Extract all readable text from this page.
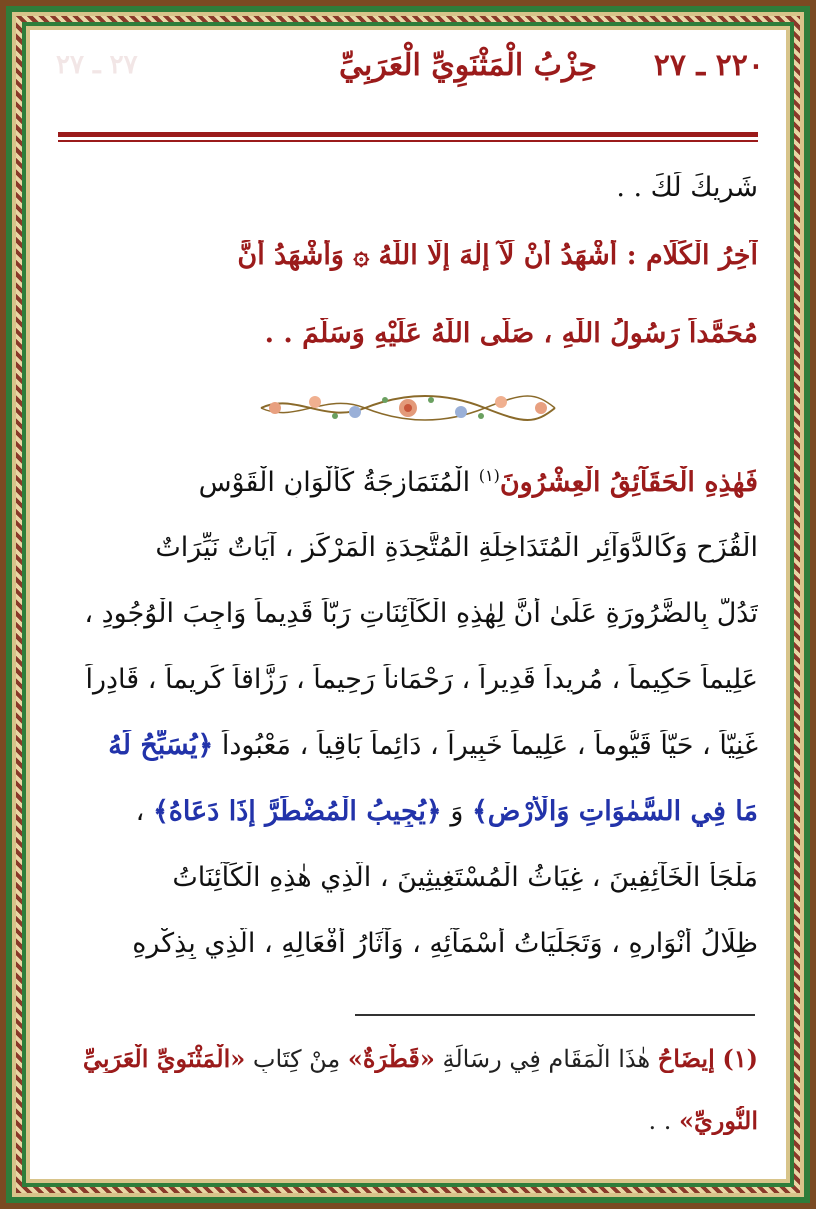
٢٢٠ ـ ٢٧
حِزْبُ الْمَثْنَوِيِّ الْعَرَبِيِّ
٢٧ ـ ٢٧
شَرِيكَ لَكَ . .
آخِرُ الْكَلَامِ : أَشْهَدُ أَنْ لَآ إِلٰهَ إِلَّا اللّٰهُ ۞ وَأَشْهَدُ أَنَّ
مُحَمَّداً رَسُولُ اللّٰهِ ، صَلَّى اللّٰهُ عَلَيْهِ وَسَلَّمَ . .
فَهٰذِهِ الْحَقَآئِقُ الْعِشْرُونَ$^{(١)}$ الْمُتَمَازِجَةُ كَأَلْوَانِ الْقَوْسِ
الْقُزَحِ وَكَالدَّوَآئِرِ الْمُتَدَاخِلَةِ الْمُتَّحِدَةِ الْمَرْكَزِ ، آيَاتٌ نَيِّرَاتٌ
تَدُلُّ بِالضَّرُورَةِ عَلَىٰ أَنَّ لِهٰذِهِ الْكَآئِنَاتِ رَبّاً قَدِيماً وَاجِبَ الْوُجُودِ ،
عَلِيماً حَكِيماً ، مُرِيداً قَدِيراً ، رَحْمَاناً رَحِيماً ، رَزَّاقاً كَرِيماً ، قَادِراً
غَنِيّاً ، حَيّاً قَيُّوماً ، عَلِيماً خَبِيراً ، دَائِماً بَاقِياً ، مَعْبُوداً ﴿يُسَبِّحُ لَهُ
مَا فِي السَّمٰوَاتِ وَالْأَرْضِ﴾ وَ ﴿يُجِيبُ الْمُضْطَرَّ إِذَا دَعَاهُ﴾ ،
مَلْجَأُ الْخَآئِفِينَ ، غِيَاثُ الْمُسْتَغِيثِينَ ، الَّذِي هٰذِهِ الْكَآئِنَاتُ
ظِلَالُ أَنْوَارِهِ ، وَتَجَلِّيَاتُ أَسْمَآئِهِ ، وَآثَارُ أَفْعَالِهِ ، الَّذِي بِذِكْرِهِ
(١) إِيضَاحُ هٰذَا الْمَقَامِ فِي رِسَالَةِ «قَطْرَةٌ» مِنْ كِتَابِ «الْمَثْنَوِيِّ الْعَرَبِيِّ
النُّورِيِّ» . .
